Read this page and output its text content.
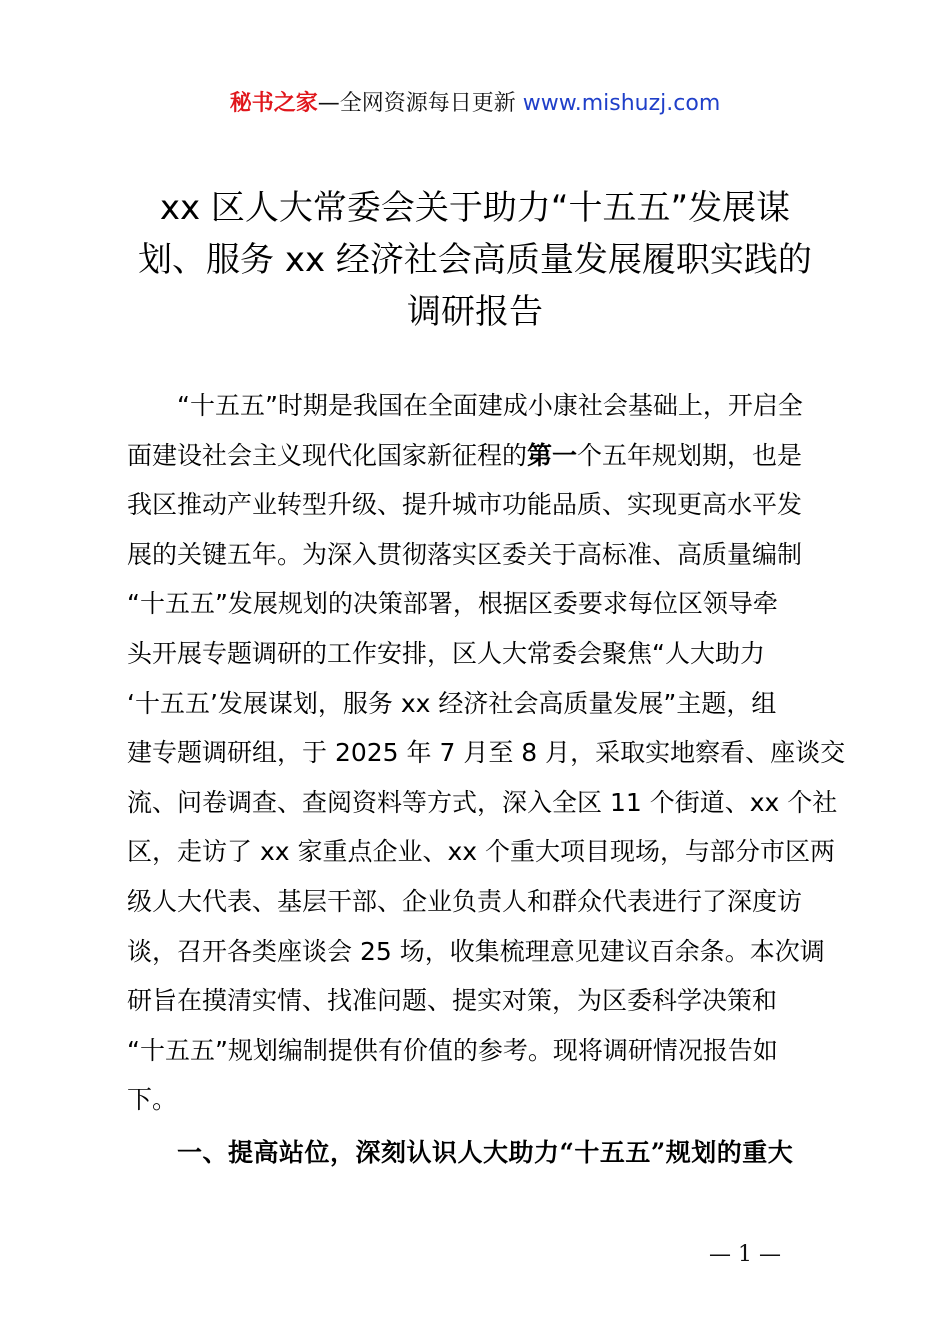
秘书之家—全网资源每日更新 www.mishuzj.com
xx 区人大常委会关于助力“十五五”发展谋
划、服务 xx 经济社会高质量发展履职实践的
调研报告
“十五五”时期是我国在全面建成小康社会基础上，开启全
面建设社会主义现代化国家新征程的第一个五年规划期，也是
我区推动产业转型升级、提升城市功能品质、实现更高水平发
展的关键五年。为深入贯彻落实区委关于高标准、高质量编制
“十五五”发展规划的决策部署，根据区委要求每位区领导牵
头开展专题调研的工作安排，区人大常委会聚焦“人大助力
‘十五五’发展谋划，服务 xx 经济社会高质量发展”主题，组
建专题调研组，于 2025 年 7 月至 8 月，采取实地察看、座谈交
流、问卷调查、查阅资料等方式，深入全区 11 个街道、xx 个社
区，走访了 xx 家重点企业、xx 个重大项目现场，与部分市区两
级人大代表、基层干部、企业负责人和群众代表进行了深度访
谈，召开各类座谈会 25 场，收集梳理意见建议百余条。本次调
研旨在摸清实情、找准问题、提实对策，为区委科学决策和
“十五五”规划编制提供有价值的参考。现将调研情况报告如
下。
一、提高站位，深刻认识人大助力“十五五”规划的重大
— 1 —
